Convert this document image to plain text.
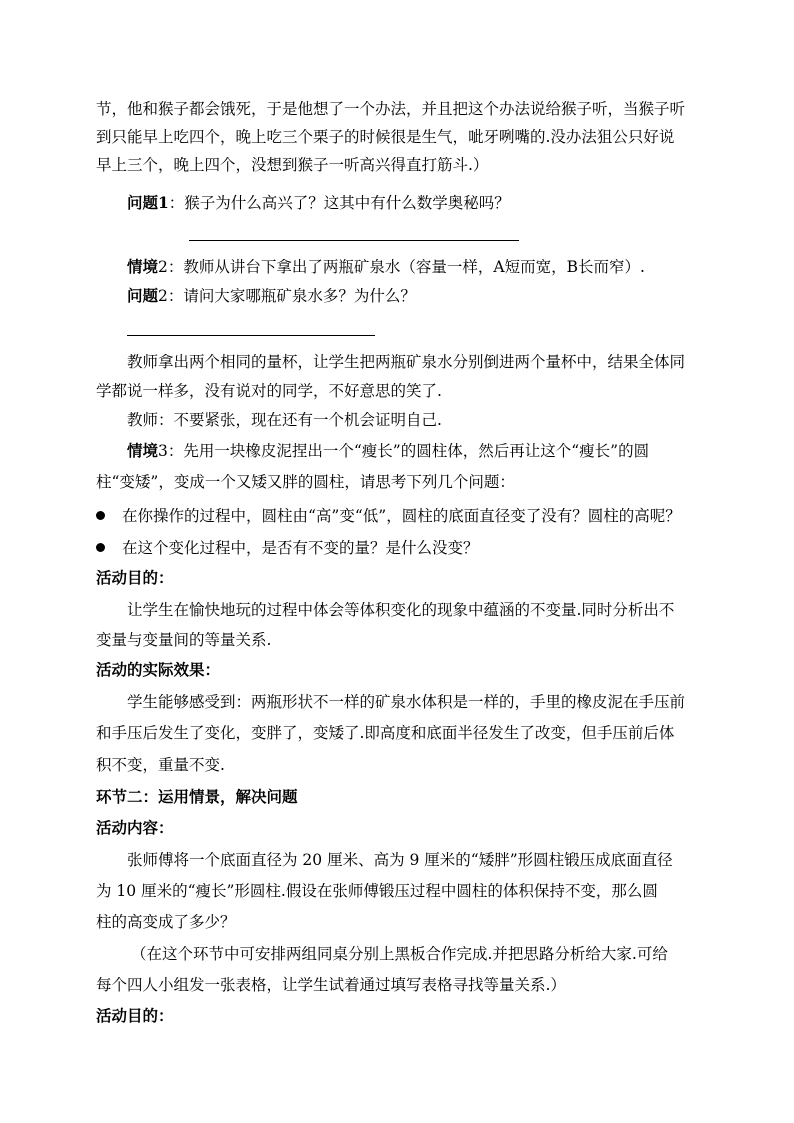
节，他和猴子都会饿死，于是他想了一个办法，并且把这个办法说给猴子听，当猴子听
到只能早上吃四个，晚上吃三个栗子的时候很是生气，呲牙咧嘴的.没办法狙公只好说
早上三个，晚上四个，没想到猴子一听高兴得直打筋斗.）
问题1：猴子为什么高兴了？这其中有什么数学奥秘吗？
情境2：教师从讲台下拿出了两瓶矿泉水（容量一样，A短而宽，B长而窄）.
问题2：请问大家哪瓶矿泉水多？为什么？
教师拿出两个相同的量杯，让学生把两瓶矿泉水分别倒进两个量杯中，结果全体同
学都说一样多，没有说对的同学，不好意思的笑了.
教师：不要紧张，现在还有一个机会证明自己.
情境3：先用一块橡皮泥捏出一个“瘦长”的圆柱体，然后再让这个“瘦长”的圆
柱“变矮”，变成一个又矮又胖的圆柱，请思考下列几个问题：
在你操作的过程中，圆柱由“高”变“低”，圆柱的底面直径变了没有？圆柱的高呢？
在这个变化过程中，是否有不变的量？是什么没变？
活动目的：
让学生在愉快地玩的过程中体会等体积变化的现象中蕴涵的不变量.同时分析出不
变量与变量间的等量关系.
活动的实际效果：
学生能够感受到：两瓶形状不一样的矿泉水体积是一样的，手里的橡皮泥在手压前
和手压后发生了变化，变胖了，变矮了.即高度和底面半径发生了改变，但手压前后体
积不变，重量不变.
环节二：运用情景，解决问题
活动内容：
张师傅将一个底面直径为 20 厘米、高为 9 厘米的“矮胖”形圆柱锻压成底面直径
为 10 厘米的“瘦长”形圆柱.假设在张师傅锻压过程中圆柱的体积保持不变，那么圆
柱的高变成了多少？
（在这个环节中可安排两组同桌分别上黑板合作完成.并把思路分析给大家.可给
每个四人小组发一张表格，让学生试着通过填写表格寻找等量关系.）
活动目的：
